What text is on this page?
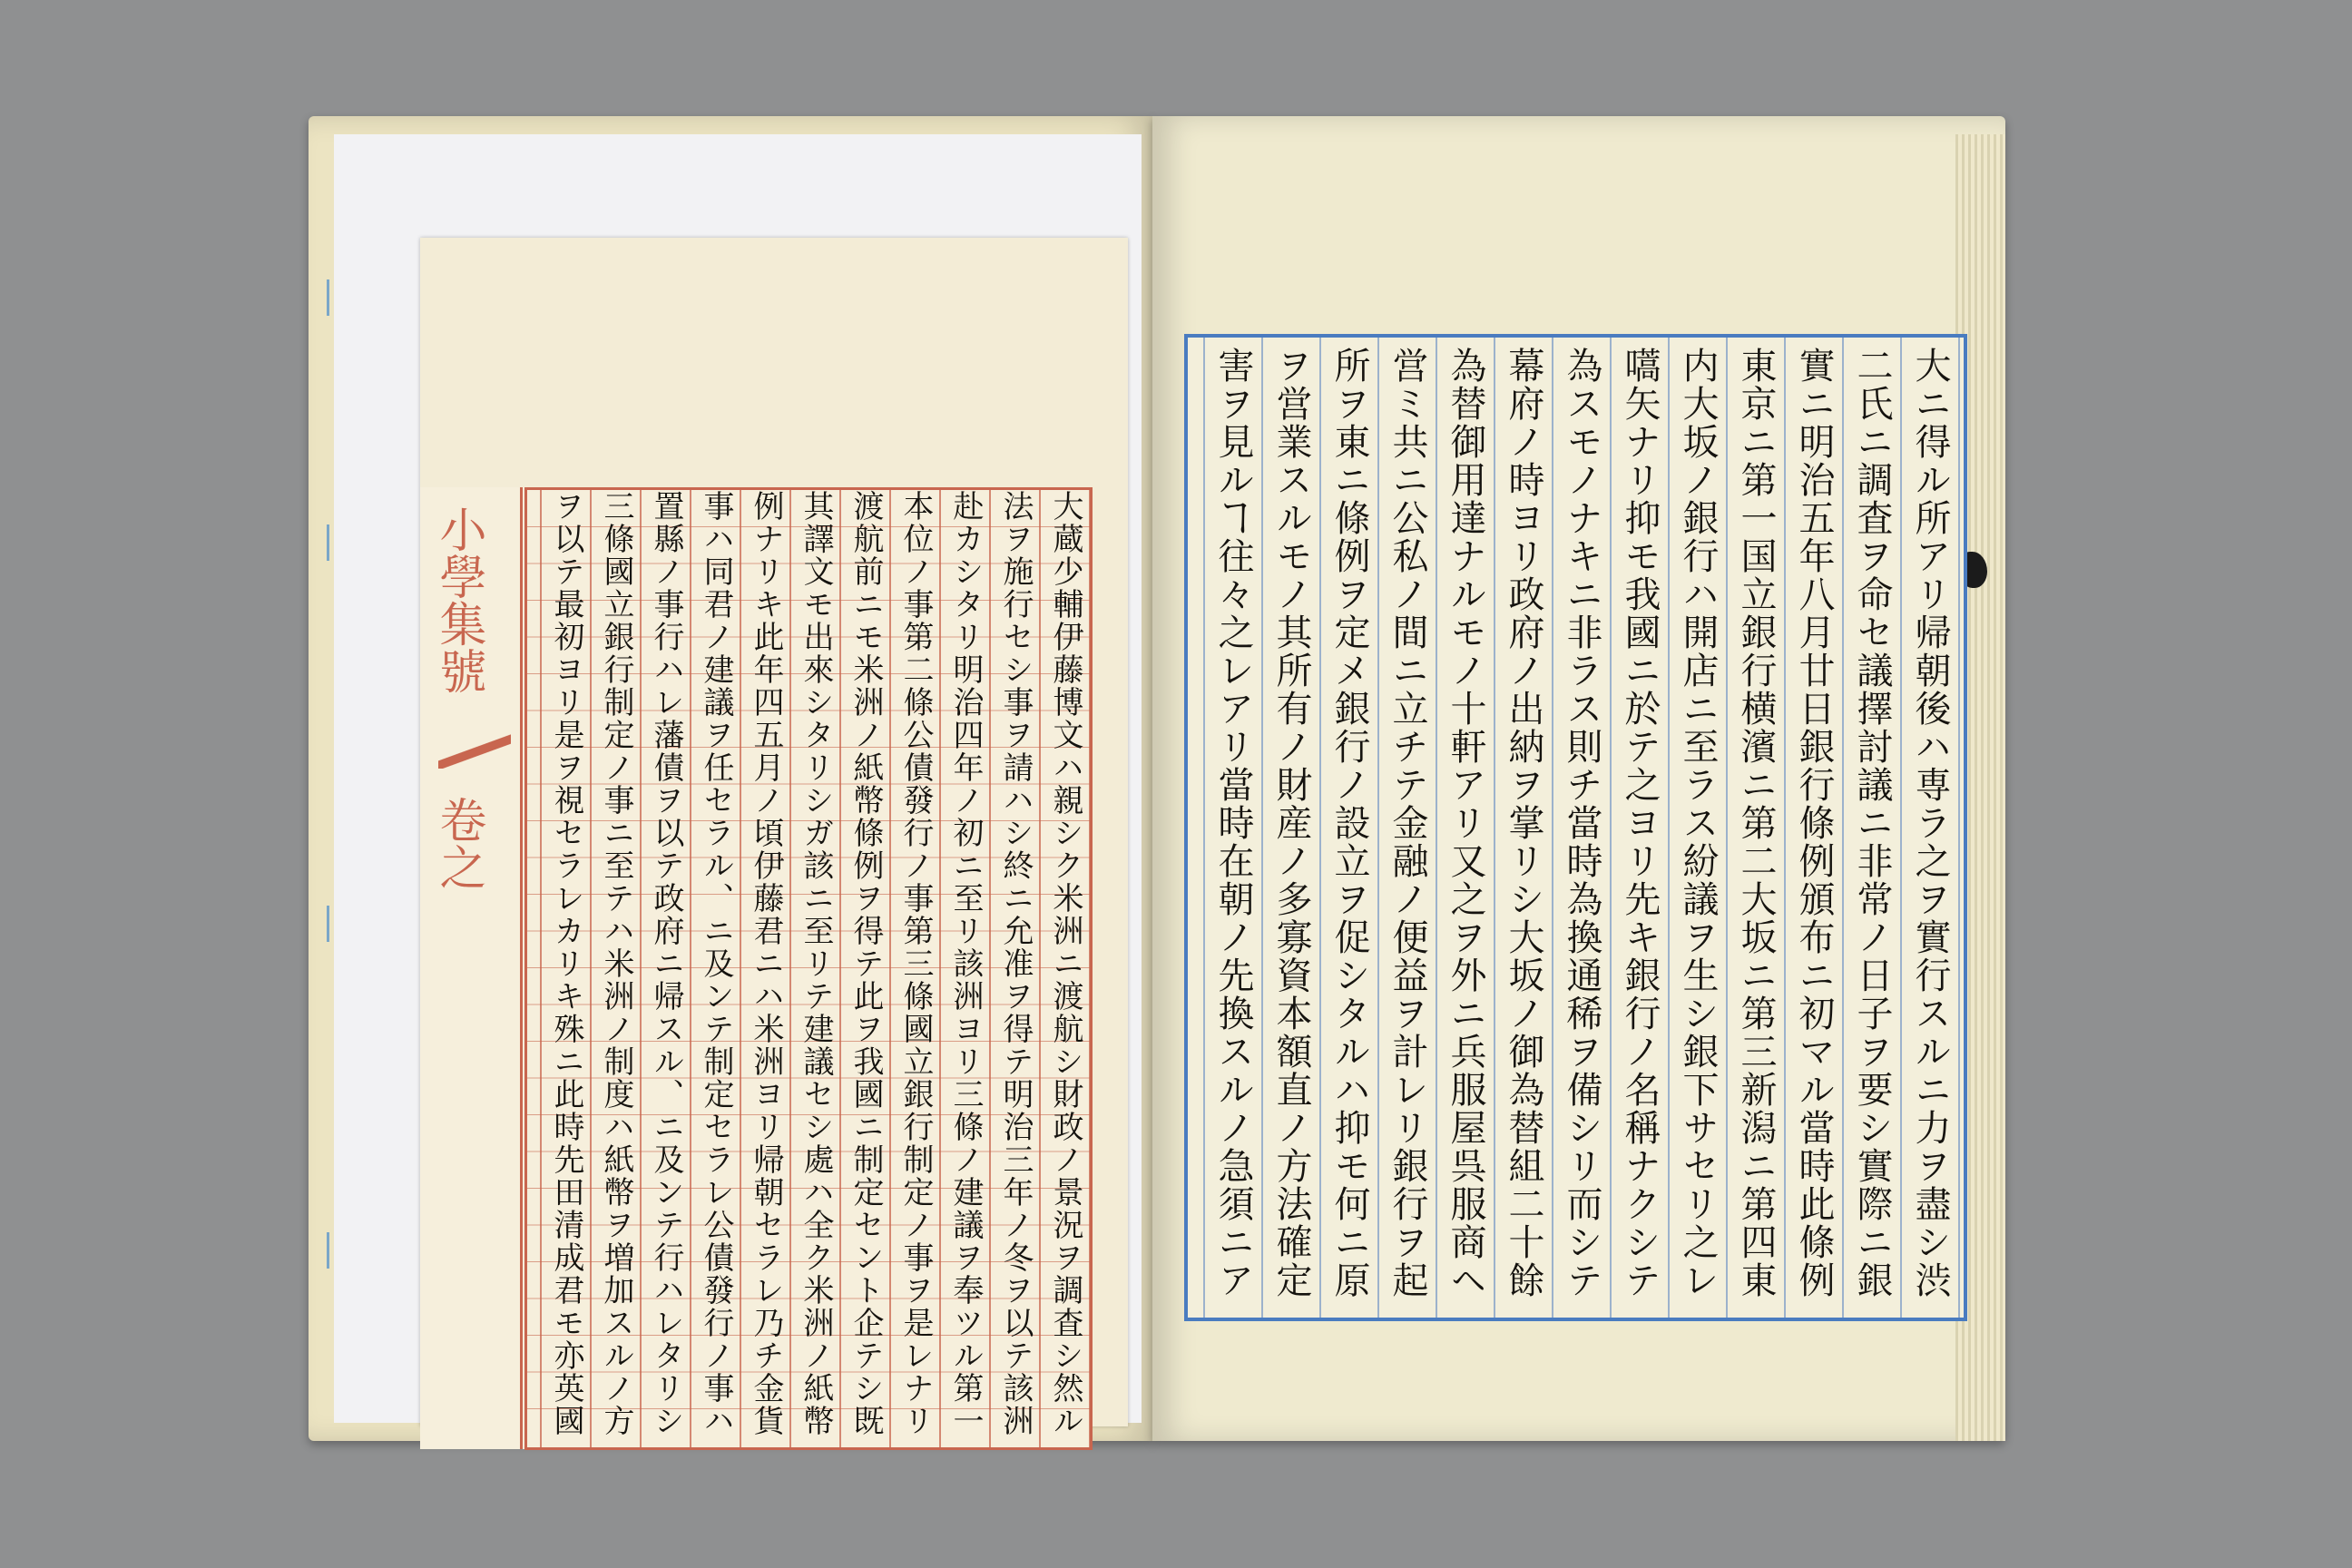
小學集號
卷之
大蔵少輔伊藤博文ハ親シク米洲ニ渡航シ財政ノ景況ヲ調査シ然ル
法ヲ施行セシ事ヲ請ハシ終ニ允准ヲ得テ明治三年ノ冬ヲ以テ該洲
赴カシタリ明治四年ノ初ニ至リ該洲ヨリ三條ノ建議ヲ奉ツル第一
本位ノ事第二條公債發行ノ事第三條國立銀行制定ノ事ヲ是レナリ
渡航前ニモ米洲ノ紙幣條例ヲ得テ此ヲ我國ニ制定セント企テシ既
其譯文モ出來シタリシガ該ニ至リテ建議セシ處ハ全ク米洲ノ紙幣
例ナリキ此年四五月ノ頃伊藤君ニハ米洲ヨリ帰朝セラレ乃チ金貨
事ハ同君ノ建議ヲ任セラル、ニ及ンテ制定セラレ公債發行ノ事ハ
置縣ノ事行ハレ藩債ヲ以テ政府ニ帰スル、ニ及ンテ行ハレタリシ
三條國立銀行制定ノ事ニ至テハ米洲ノ制度ハ紙幣ヲ増加スルノ方
ヲ以テ最初ヨリ是ヲ視セラレカリキ殊ニ此時先田清成君モ亦英國
大ニ得ル所アリ帰朝後ハ専ラ之ヲ實行スルニ力ヲ盡シ渋
二氏ニ調査ヲ命セ議擇討議ニ非常ノ日子ヲ要シ實際ニ銀
實ニ明治五年八月廿日銀行條例頒布ニ初マル當時此條例
東京ニ第一国立銀行横濱ニ第二大坂ニ第三新潟ニ第四東
内大坂ノ銀行ハ開店ニ至ラス紛議ヲ生シ銀下サセリ之レ
嚆矢ナリ抑モ我國ニ於テ之ヨリ先キ銀行ノ名稱ナクシテ
為スモノナキニ非ラス則チ當時為換通稀ヲ備シリ而シテ
幕府ノ時ヨリ政府ノ出納ヲ掌リシ大坂ノ御為替組二十餘
為替御用達ナルモノ十軒アリ又之ヲ外ニ兵服屋呉服商ヘ
営ミ共ニ公私ノ間ニ立チテ金融ノ便益ヲ計レリ銀行ヲ起
所ヲ東ニ條例ヲ定メ銀行ノ設立ヲ促シタルハ抑モ何ニ原
ヲ営業スルモノ其所有ノ財産ノ多寡資本額直ノ方法確定
害ヲ見ルヿ往々之レアリ當時在朝ノ先換スルノ急須ニア
